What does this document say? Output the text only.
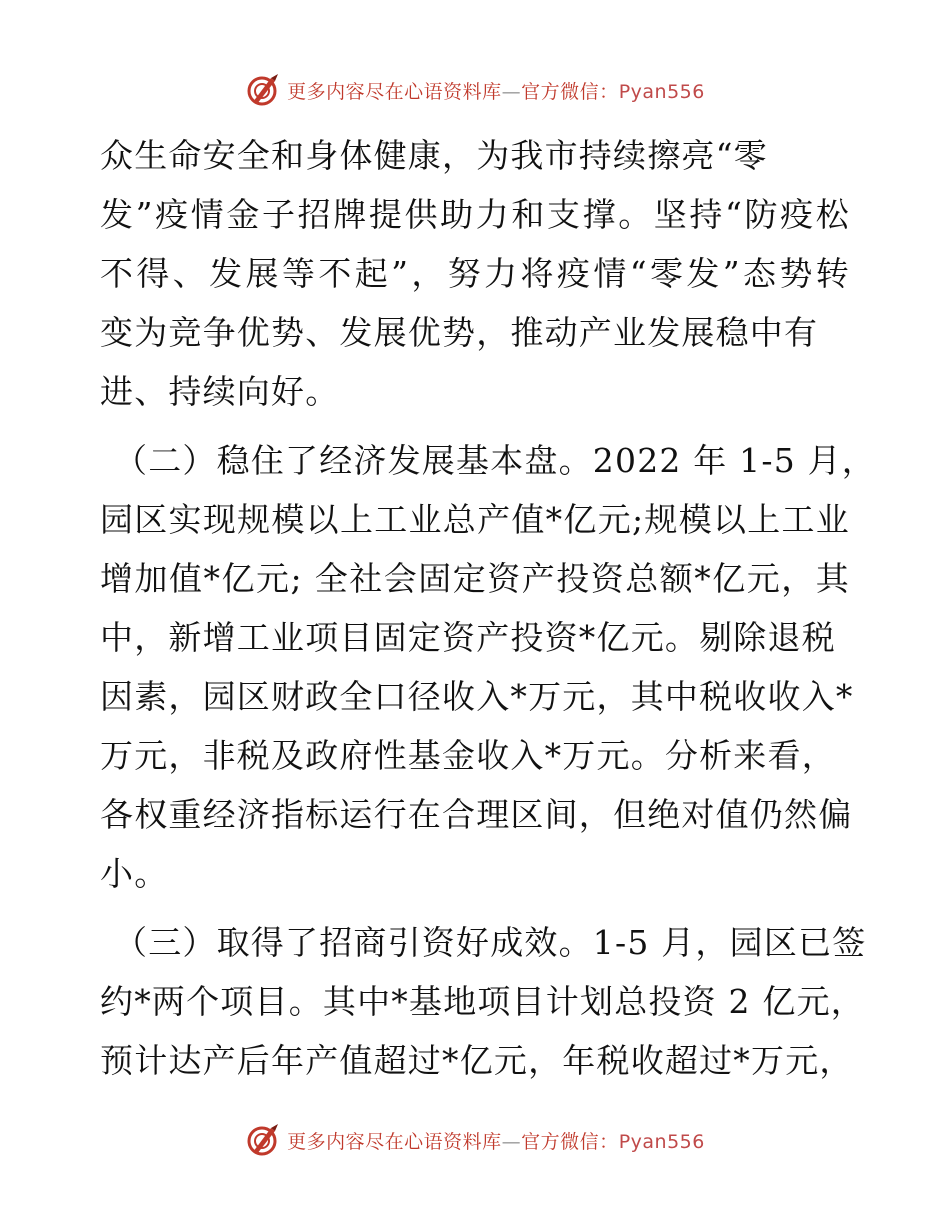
更多内容尽在心语资料库—官方微信：Pyan556
众生命安全和身体健康，为我市持续擦亮“零
发”疫情金子招牌提供助力和支撑。坚持“防疫松
不得、发展等不起”，努力将疫情“零发”态势转
变为竞争优势、发展优势，推动产业发展稳中有
进、持续向好。
（二）稳住了经济发展基本盘。2022 年 1-5 月，
园区实现规模以上工业总产值*亿元;规模以上工业
增加值*亿元; 全社会固定资产投资总额*亿元，其
中，新增工业项目固定资产投资*亿元。剔除退税
因素，园区财政全口径收入*万元，其中税收收入*
万元，非税及政府性基金收入*万元。分析来看，
各权重经济指标运行在合理区间，但绝对值仍然偏
小。
（三）取得了招商引资好成效。1-5 月，园区已签
约*两个项目。其中*基地项目计划总投资 2 亿元，
预计达产后年产值超过*亿元，年税收超过*万元，
更多内容尽在心语资料库—官方微信：Pyan556
